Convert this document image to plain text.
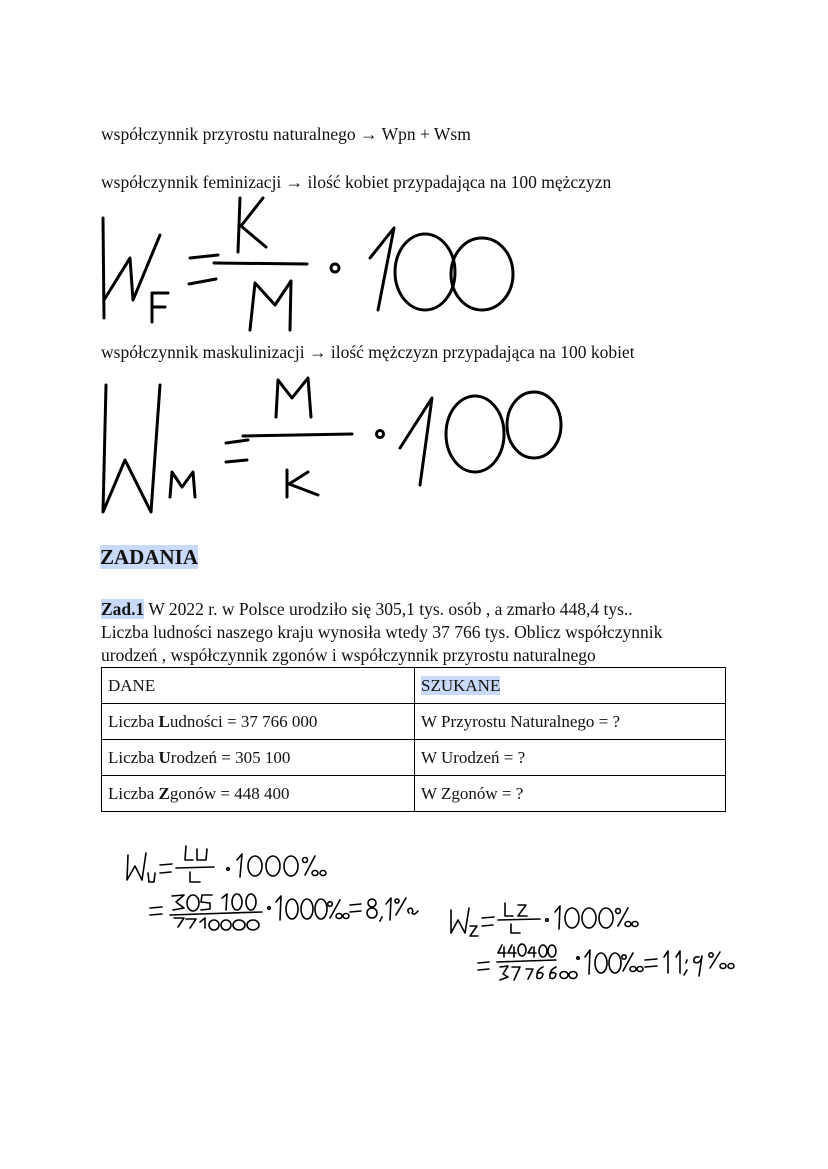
współczynnik przyrostu naturalnego → Wpn + Wsm
współczynnik feminizacji → ilość kobiet przypadająca na 100 mężczyzn
współczynnik maskulinizacji → ilość mężczyzn przypadająca na 100 kobiet
ZADANIA
Zad.1 W 2022 r. w Polsce urodziło się 305,1 tys. osób , a zmarło 448,4 tys..
Liczba ludności naszego kraju wynosiła wtedy 37 766 tys. Oblicz współczynnik
urodzeń , współczynnik zgonów i współczynnik przyrostu naturalnego
DANE	SZUKANE
Liczba Ludności = 37 766 000	W Przyrostu Naturalnego = ?
Liczba Urodzeń = 305 100	W Urodzeń = ?
Liczba Zgonów = 448 400	W Zgonów = ?
